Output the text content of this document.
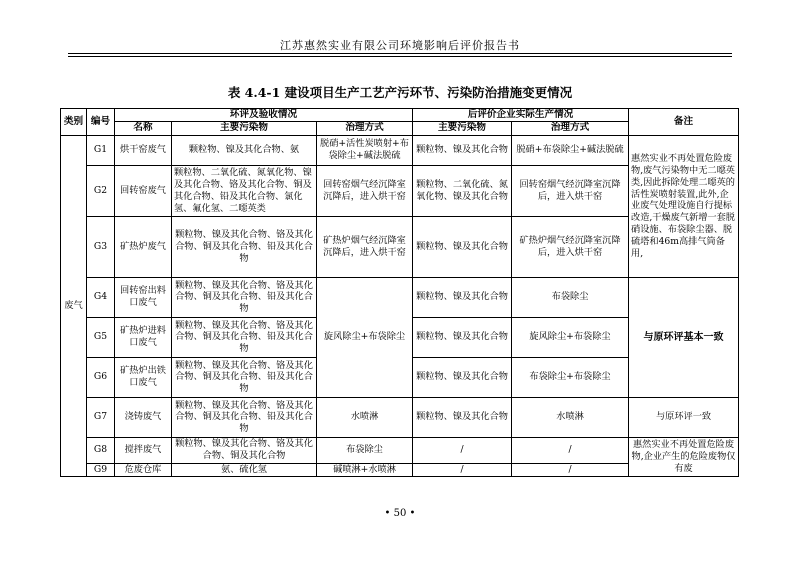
江苏惠然实业有限公司环境影响后评价报告书
表 4.4-1 建设项目生产工艺产污环节、污染防治措施变更情况
类别	编号	环评及验收情况			后评价企业实际生产情况		备注
		名称	主要污染物	治理方式	主要污染物	治理方式	
废气	G1	烘干窑废气	颗粒物、镍及其化合物、氨	脱硝+活性炭喷射+布袋除尘+碱法脱硫	颗粒物、镍及其化合物	脱硝+布袋除尘+碱法脱硫	惠然实业不再处置危险废物,废气污染物中无二噁英类,因此拆除处理二噁英的活性炭喷射装置,此外,企业废气处理设施自行提标改造,干燥废气新增一套脱硝设施、布袋除尘器、脱硫塔和46m高排气筒备用,
	G2	回转窑废气	颗粒物、二氧化硫、氮氧化物、镍及其化合物、铬及其化合物、铜及其化合物、铅及其化合物、氯化氢、氟化氢、二噁英类	回转窑烟气经沉降室沉降后，进入烘干窑	颗粒物、二氧化硫、氮氧化物、镍及其化合物	回转窑烟气经沉降室沉降后，进入烘干窑	
	G3	矿热炉废气	颗粒物、镍及其化合物、铬及其化合物、铜及其化合物、铅及其化合物	矿热炉烟气经沉降室沉降后，进入烘干窑	颗粒物、镍及其化合物	矿热炉烟气经沉降室沉降后，进入烘干窑	
	G4	回转窑出料口废气	颗粒物、镍及其化合物、铬及其化合物、铜及其化合物、铅及其化合物	旋风除尘+布袋除尘	颗粒物、镍及其化合物	布袋除尘	与原环评基本一致
	G5	矿热炉进料口废气	颗粒物、镍及其化合物、铬及其化合物、铜及其化合物、铅及其化合物		颗粒物、镍及其化合物	旋风除尘+布袋除尘	
	G6	矿热炉出铁口废气	颗粒物、镍及其化合物、铬及其化合物、铜及其化合物、铅及其化合物		颗粒物、镍及其化合物	布袋除尘+布袋除尘	
	G7	浇铸废气	颗粒物、镍及其化合物、铬及其化合物、铜及其化合物、铅及其化合物	水喷淋	颗粒物、镍及其化合物	水喷淋	与原环评一致
	G8	搅拌废气	颗粒物、镍及其化合物、铬及其化合物、铜及其化合物	布袋除尘	/	/	惠然实业不再处置危险废物,企业产生的危险废物仅有废
	G9	危废仓库	氨、硫化氢	碱喷淋+水喷淋	/	/	
• 50 •
